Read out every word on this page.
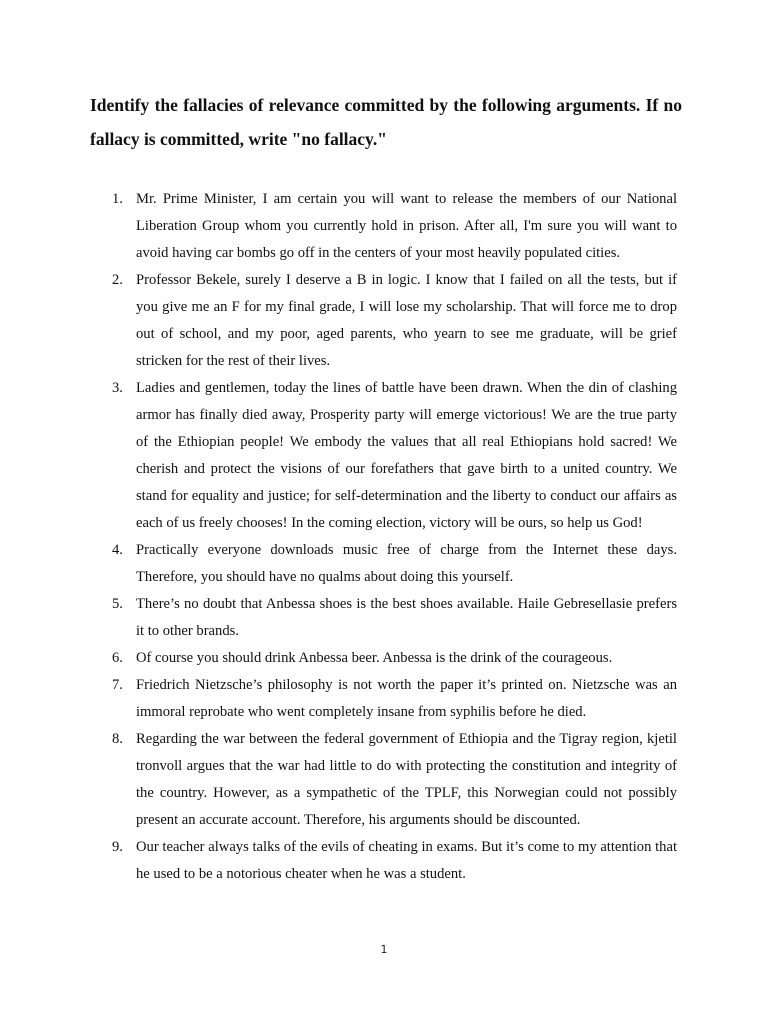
Identify the fallacies of relevance committed by the following arguments. If no fallacy is committed, write "no fallacy."
1. Mr. Prime Minister, I am certain you will want to release the members of our National Liberation Group whom you currently hold in prison. After all, I'm sure you will want to avoid having car bombs go off in the centers of your most heavily populated cities.
2. Professor Bekele, surely I deserve a B in logic. I know that I failed on all the tests, but if you give me an F for my final grade, I will lose my scholarship. That will force me to drop out of school, and my poor, aged parents, who yearn to see me graduate, will be grief stricken for the rest of their lives.
3. Ladies and gentlemen, today the lines of battle have been drawn. When the din of clashing armor has finally died away, Prosperity party will emerge victorious! We are the true party of the Ethiopian people! We embody the values that all real Ethiopians hold sacred! We cherish and protect the visions of our forefathers that gave birth to a united country. We stand for equality and justice; for self-determination and the liberty to conduct our affairs as each of us freely chooses! In the coming election, victory will be ours, so help us God!
4. Practically everyone downloads music free of charge from the Internet these days. Therefore, you should have no qualms about doing this yourself.
5. There’s no doubt that Anbessa shoes is the best shoes available. Haile Gebresellasie prefers it to other brands.
6. Of course you should drink Anbessa beer. Anbessa is the drink of the courageous.
7. Friedrich Nietzsche’s philosophy is not worth the paper it’s printed on. Nietzsche was an immoral reprobate who went completely insane from syphilis before he died.
8. Regarding the war between the federal government of Ethiopia and the Tigray region, kjetil tronvoll argues that the war had little to do with protecting the constitution and integrity of the country. However, as a sympathetic of the TPLF, this Norwegian could not possibly present an accurate account. Therefore, his arguments should be discounted.
9. Our teacher always talks of the evils of cheating in exams. But it’s come to my attention that he used to be a notorious cheater when he was a student.
1
